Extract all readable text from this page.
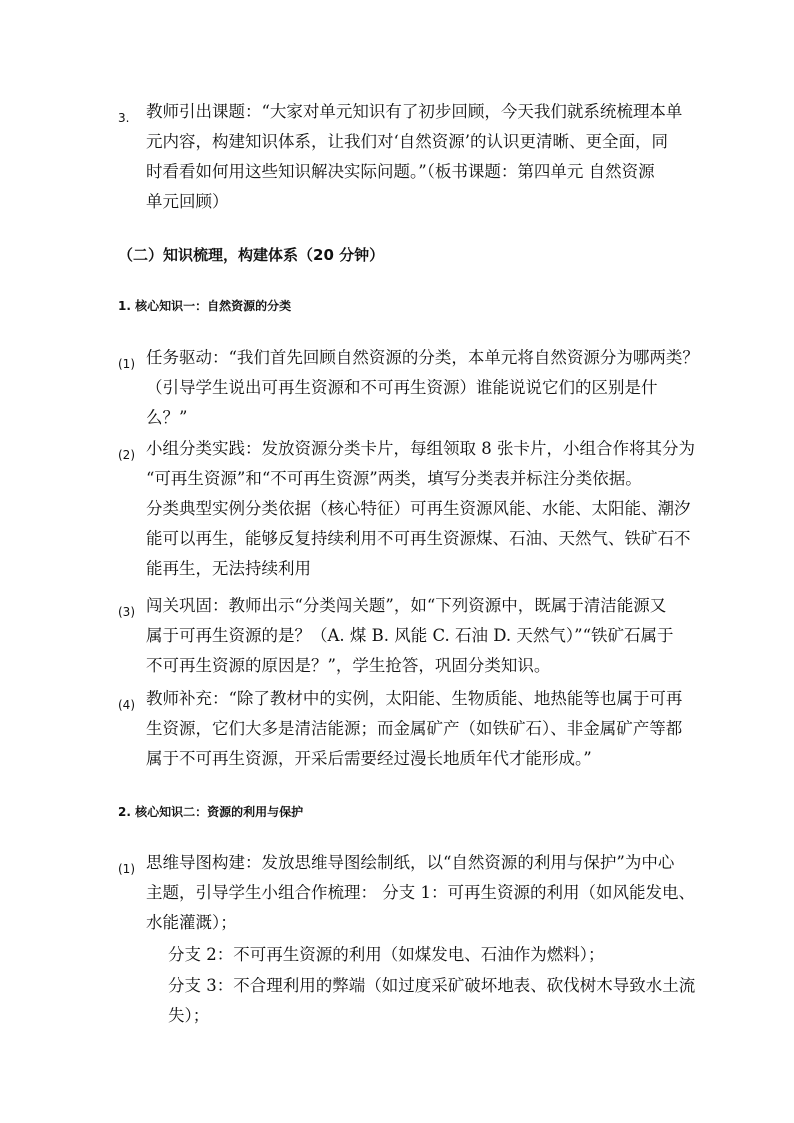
3. 教师引出课题：“大家对单元知识有了初步回顾，今天我们就系统梳理本单
元内容，构建知识体系，让我们对‘自然资源’的认识更清晰、更全面，同
时看看如何用这些知识解决实际问题。”（板书课题：第四单元 自然资源
单元回顾）
（二）知识梳理，构建体系（20 分钟）
1. 核心知识一：自然资源的分类
(1) 任务驱动：“我们首先回顾自然资源的分类，本单元将自然资源分为哪两类？
（引导学生说出可再生资源和不可再生资源）谁能说说它们的区别是什
么？”
(2) 小组分类实践：发放资源分类卡片，每组领取 8 张卡片，小组合作将其分为
“可再生资源”和“不可再生资源”两类，填写分类表并标注分类依据。
分类典型实例分类依据（核心特征）可再生资源风能、水能、太阳能、潮汐
能可以再生，能够反复持续利用不可再生资源煤、石油、天然气、铁矿石不
能再生，无法持续利用
(3) 闯关巩固：教师出示“分类闯关题”，如“下列资源中，既属于清洁能源又
属于可再生资源的是？（A. 煤 B. 风能 C. 石油 D. 天然气）”“铁矿石属于
不可再生资源的原因是？”，学生抢答，巩固分类知识。
(4) 教师补充：“除了教材中的实例，太阳能、生物质能、地热能等也属于可再
生资源，它们大多是清洁能源；而金属矿产（如铁矿石）、非金属矿产等都
属于不可再生资源，开采后需要经过漫长地质年代才能形成。”
2. 核心知识二：资源的利用与保护
(1) 思维导图构建：发放思维导图绘制纸，以“自然资源的利用与保护”为中心
主题，引导学生小组合作梳理： 分支 1：可再生资源的利用（如风能发电、
水能灌溉）；
分支 2：不可再生资源的利用（如煤发电、石油作为燃料）；
分支 3：不合理利用的弊端（如过度采矿破坏地表、砍伐树木导致水土流
失）；
